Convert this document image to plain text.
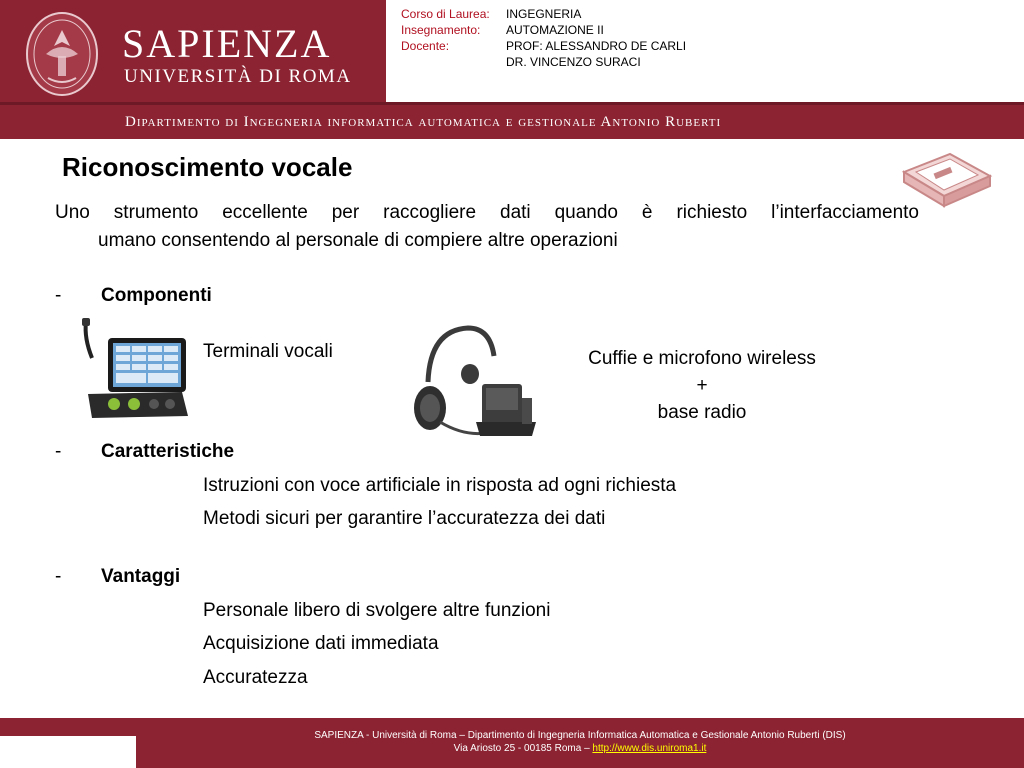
SAPIENZA
UNIVERSITÀ DI ROMA
Corso di Laurea:	INGEGNERIA
Insegnamento:	AUTOMAZIONE II
Docente:	PROF: ALESSANDRO DE CARLI
DR. VINCENZO SURACI
Dipartimento di Ingegneria informatica automatica e gestionale Antonio Ruberti
Riconoscimento vocale
Uno strumento eccellente per raccogliere dati quando è richiesto l’interfacciamento
umano consentendo al personale di compiere altre operazioni
- Componenti
Terminali vocali	Cuffie e microfono wireless
+
base radio
- Caratteristiche
Istruzioni con voce artificiale in risposta ad ogni richiesta
Metodi sicuri per garantire l’accuratezza dei dati
- Vantaggi
Personale libero di svolgere altre funzioni
Acquisizione dati immediata
Accuratezza
SAPIENZA - Università di Roma – Dipartimento di Ingegneria Informatica Automatica e Gestionale Antonio Ruberti (DIS)
Via Ariosto 25 - 00185 Roma – http://www.dis.uniroma1.it
